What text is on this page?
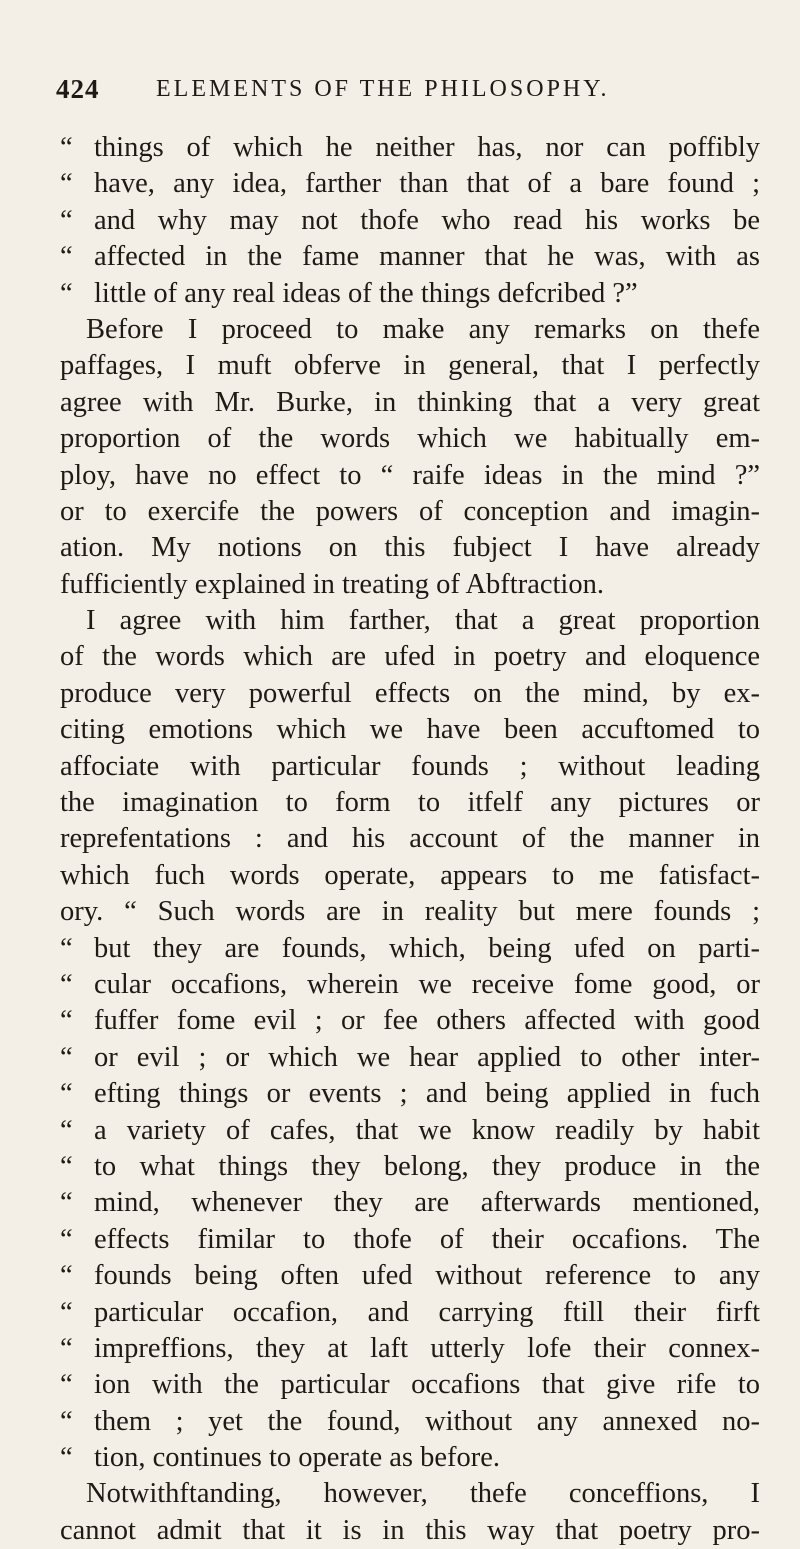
424 ELEMENTS OF THE PHILOSOPHY.
“ things of which he neither has, nor can poffibly
“ have, any idea, farther than that of a bare found ;
“ and why may not thofe who read his works be
“ affected in the fame manner that he was, with as
“ little of any real ideas of the things defcribed ?”
Before I proceed to make any remarks on thefe
paffages, I muft obferve in general, that I perfectly
agree with Mr. Burke, in thinking that a very great
proportion of the words which we habitually em-
ploy, have no effect to “ raife ideas in the mind ?”
or to exercife the powers of conception and imagin-
ation. My notions on this fubject I have already
fufficiently explained in treating of Abftraction.
I agree with him farther, that a great proportion
of the words which are ufed in poetry and eloquence
produce very powerful effects on the mind, by ex-
citing emotions which we have been accuftomed to
affociate with particular founds ; without leading
the imagination to form to itfelf any pictures or
reprefentations : and his account of the manner in
which fuch words operate, appears to me fatisfact-
ory. “ Such words are in reality but mere founds ;
“ but they are founds, which, being ufed on parti-
“ cular occafions, wherein we receive fome good, or
“ fuffer fome evil ; or fee others affected with good
“ or evil ; or which we hear applied to other inter-
“ efting things or events ; and being applied in fuch
“ a variety of cafes, that we know readily by habit
“ to what things they belong, they produce in the
“ mind, whenever they are afterwards mentioned,
“ effects fimilar to thofe of their occafions. The
“ founds being often ufed without reference to any
“ particular occafion, and carrying ftill their firft
“ impreffions, they at laft utterly lofe their connex-
“ ion with the particular occafions that give rife to
“ them ; yet the found, without any annexed no-
“ tion, continues to operate as before.
Notwithftanding, however, thefe conceffions, I
cannot admit that it is in this way that poetry pro-
